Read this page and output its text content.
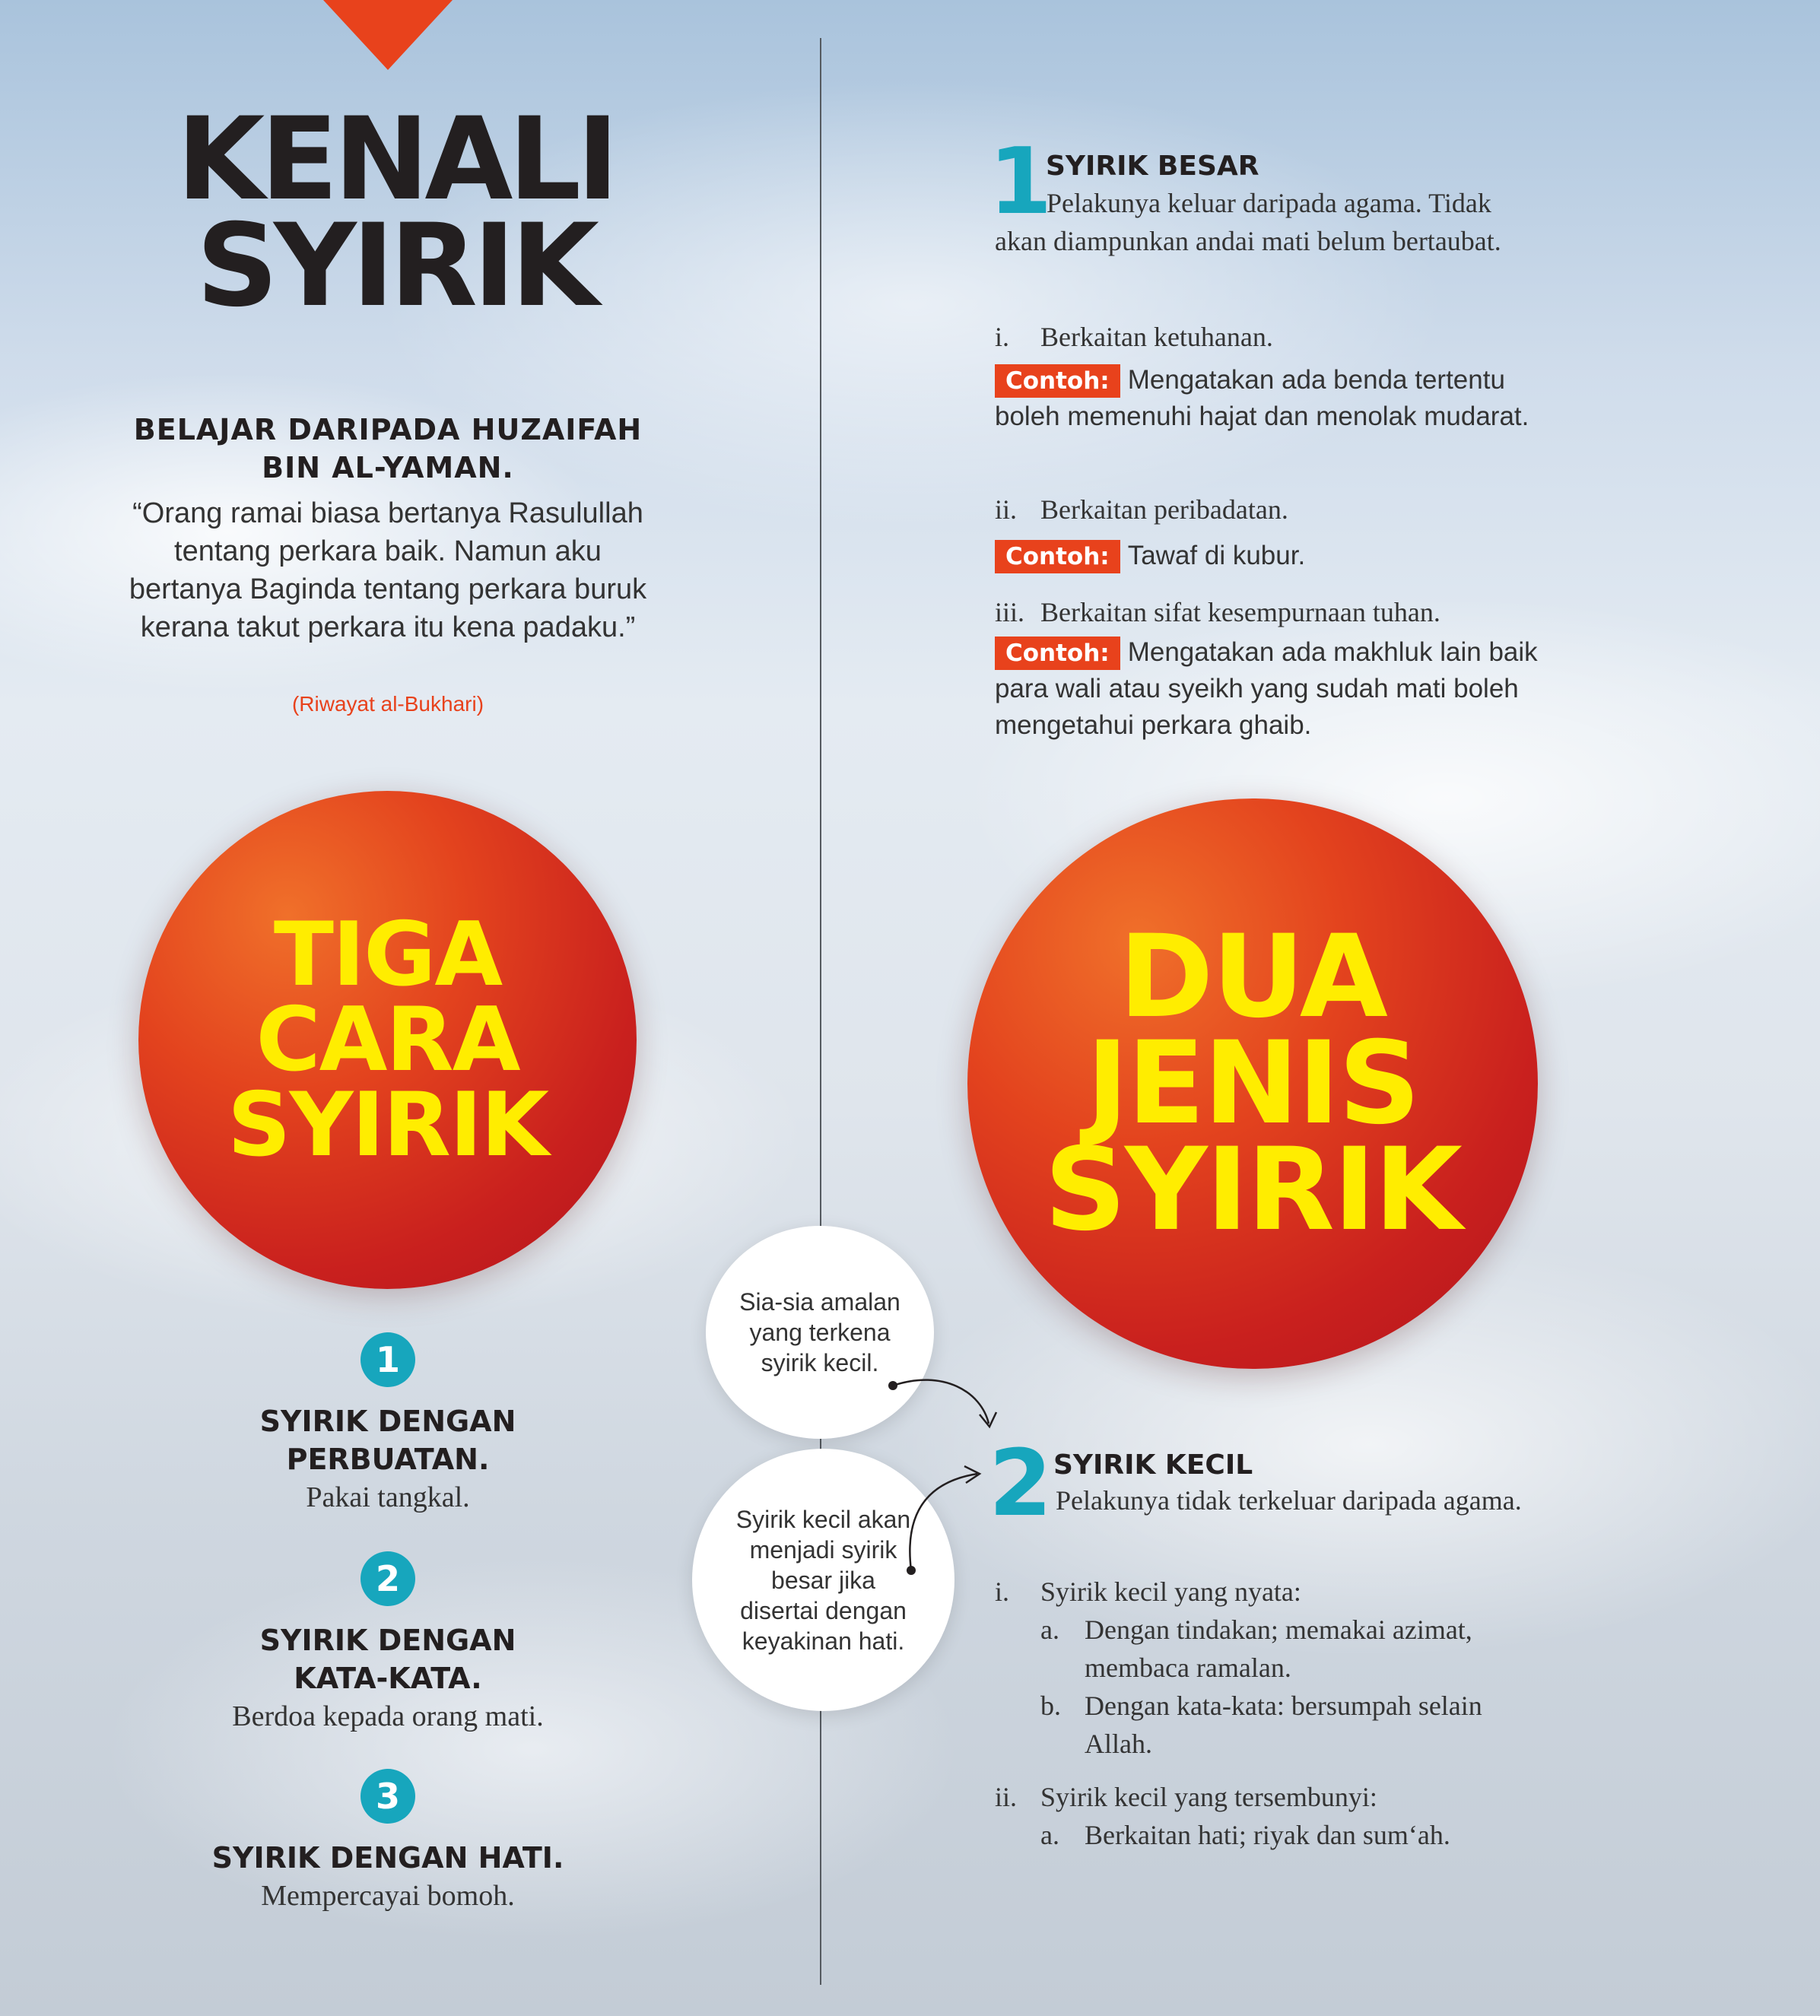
KENALI
SYIRIK
BELAJAR DARIPADA HUZAIFAH BIN AL-YAMAN.
“Orang ramai biasa bertanya Rasulullah tentang perkara baik. Namun aku bertanya Baginda tentang perkara buruk kerana takut perkara itu kena padaku.”
(Riwayat al-Bukhari)
TIGA
CARA
SYIRIK
1
SYIRIK DENGAN
PERBUATAN.
Pakai tangkal.
2
SYIRIK DENGAN
KATA-KATA.
Berdoa kepada orang mati.
3
SYIRIK DENGAN HATI.
Mempercayai bomoh.
DUA
JENIS
SYIRIK
Sia-sia amalan yang terkena syirik kecil.
Syirik kecil akan menjadi syirik besar jika disertai dengan keyakinan hati.
1
SYIRIK BESAR
Pelakunya keluar daripada agama. Tidak akan diampunkan andai mati belum bertaubat.
i. Berkaitan ketuhanan.
Contoh: Mengatakan ada benda tertentu boleh memenuhi hajat dan menolak mudarat.
ii. Berkaitan peribadatan.
Contoh: Tawaf di kubur.
iii. Berkaitan sifat kesempurnaan tuhan.
Contoh: Mengatakan ada makhluk lain baik para wali atau syeikh yang sudah mati boleh mengetahui perkara ghaib.
2 SYIRIK KECIL
Pelakunya tidak terkeluar daripada agama.
i. Syirik kecil yang nyata:
a. Dengan tindakan; memakai azimat, membaca ramalan.
b. Dengan kata-kata: bersumpah selain Allah.
ii. Syirik kecil yang tersembunyi:
a. Berkaitan hati; riyak dan sum‘ah.
